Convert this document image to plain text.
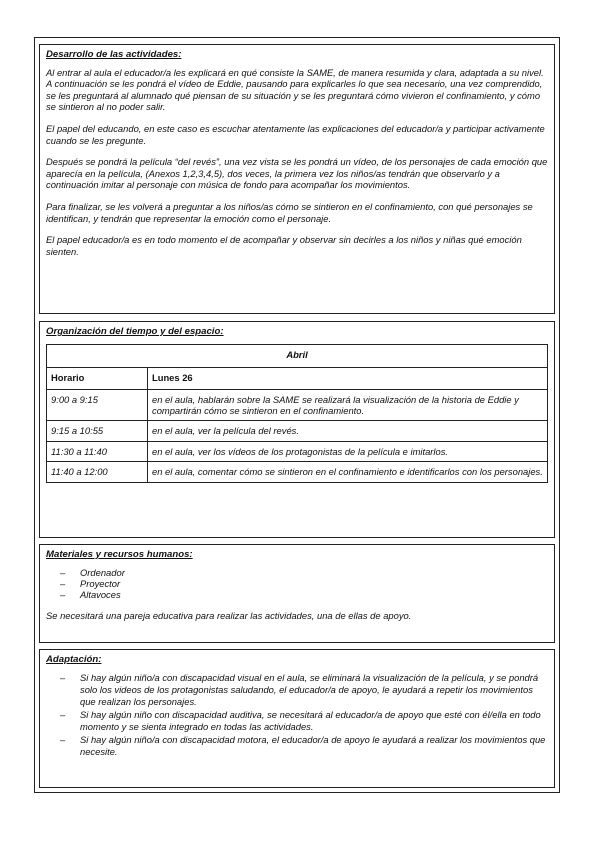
Desarrollo de las actividades:

Al entrar al aula el educador/a les explicará en qué consiste la SAME, de manera resumida y clara, adaptada a su nivel. A continuación se les pondrá el vídeo de Eddie, pausando para explicarles lo que sea necesario, una vez comprendido, se les preguntará al alumnado qué piensan de su situación y se les preguntará cómo vivieron el confinamiento, y cómo se sintieron al no poder salir.

El papel del educando, en este caso es escuchar atentamente las explicaciones del educador/a y participar activamente cuando se les pregunte.

Después se pondrá la película “del revés”, una vez vista se les pondrá un vídeo, de los personajes de cada emoción que aparecía en la película, (Anexos 1,2,3,4,5), dos veces, la primera vez los niños/as tendrán que observarlo y a continuación imitar al personaje con música de fondo para acompañar los movimientos.

Para finalizar, se les volverá a preguntar a los niños/as cómo se sintieron en el confinamiento, con qué personajes se identifican, y tendrán que representar la emoción como el personaje.

El papel educador/a es en todo momento el de acompañar y observar sin decirles a los niños y niñas qué emoción sienten.

Organización del tiempo y del espacio:
Abril	
Horario	Lunes 26
9:00 a 9:15	en el aula, hablarán sobre la SAME se realizará la visualización de la historia de Eddie y compartirán cómo se sintieron en el confinamiento.
9:15 a 10:55	en el aula, ver la película del revés.
11:30 a 11:40	en el aula, ver los vídeos de los protagonistas de la película e imitarlos.
11:40 a 12:00	en el aula, comentar cómo se sintieron en el confinamiento e identificarlos con los personajes.
Materiales y recursos humanos:
– Ordenador
– Proyector
– Altavoces

Se necesitará una pareja educativa para realizar las actividades, una de ellas de apoyo.

Adaptación:
– Si hay algún niño/a con discapacidad visual en el aula, se eliminará la visualización de la película, y se pondrá solo los videos de los protagonistas saludando, el educador/a de apoyo, le ayudará a repetir los movimientos que realizan los personajes.
– Si hay algún niño con discapacidad auditiva, se necesitará al educador/a de apoyo que esté con él/ella en todo momento y se sienta integrado en todas las actividades.
– Si hay algún niño/a con discapacidad motora, el educador/a de apoyo le ayudará a realizar los movimientos que necesite.
